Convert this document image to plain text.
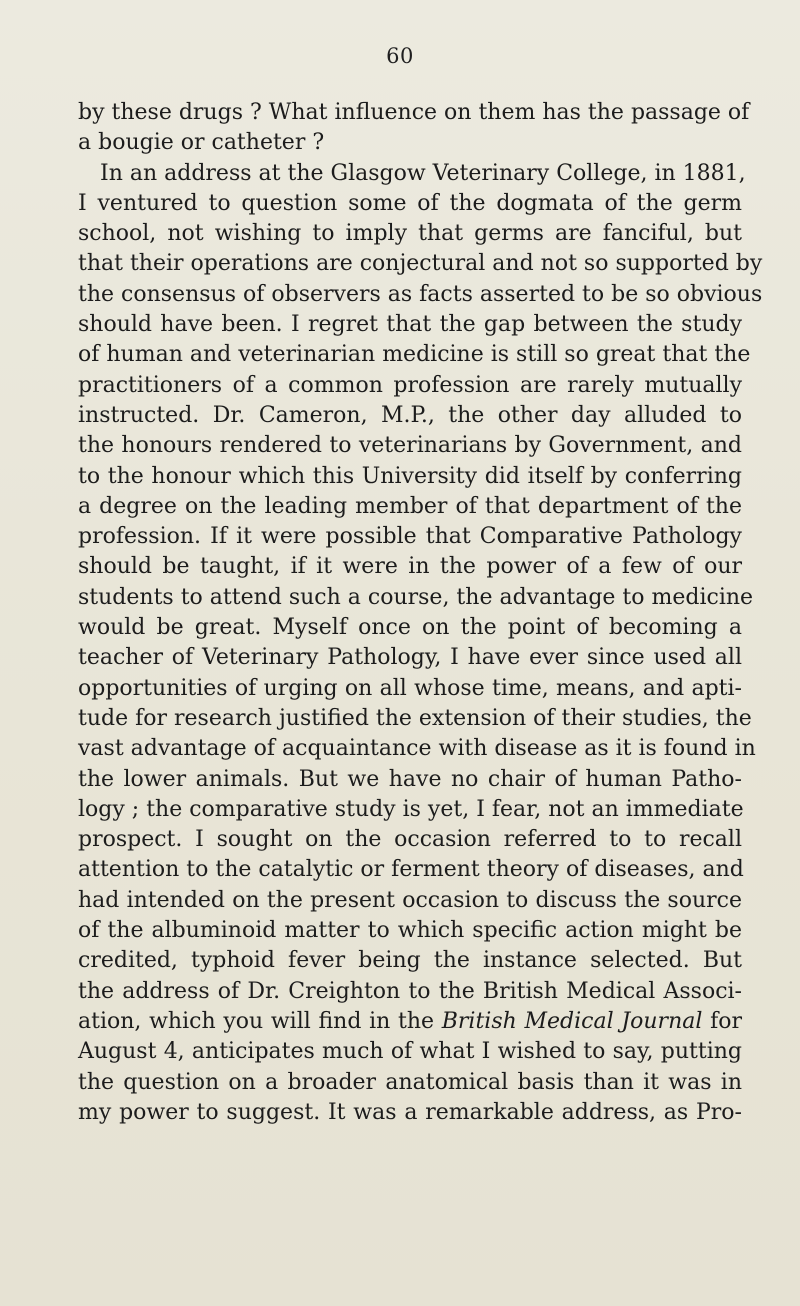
60
by these drugs ? What influence on them has the passage of
a bougie or catheter ?
In an address at the Glasgow Veterinary College, in 1881,
I ventured to question some of the dogmata of the germ
school, not wishing to imply that germs are fanciful, but
that their operations are conjectural and not so supported by
the consensus of observers as facts asserted to be so obvious
should have been. I regret that the gap between the study
of human and veterinarian medicine is still so great that the
practitioners of a common profession are rarely mutually
instructed. Dr. Cameron, M.P., the other day alluded to
the honours rendered to veterinarians by Government, and
to the honour which this University did itself by conferring
a degree on the leading member of that department of the
profession. If it were possible that Comparative Pathology
should be taught, if it were in the power of a few of our
students to attend such a course, the advantage to medicine
would be great. Myself once on the point of becoming a
teacher of Veterinary Pathology, I have ever since used all
opportunities of urging on all whose time, means, and apti-
tude for research justified the extension of their studies, the
vast advantage of acquaintance with disease as it is found in
the lower animals. But we have no chair of human Patho-
logy ; the comparative study is yet, I fear, not an immediate
prospect. I sought on the occasion referred to to recall
attention to the catalytic or ferment theory of diseases, and
had intended on the present occasion to discuss the source
of the albuminoid matter to which specific action might be
credited, typhoid fever being the instance selected. But
the address of Dr. Creighton to the British Medical Associ-
ation, which you will find in the British Medical Journal for
August 4, anticipates much of what I wished to say, putting
the question on a broader anatomical basis than it was in
my power to suggest. It was a remarkable address, as Pro-
